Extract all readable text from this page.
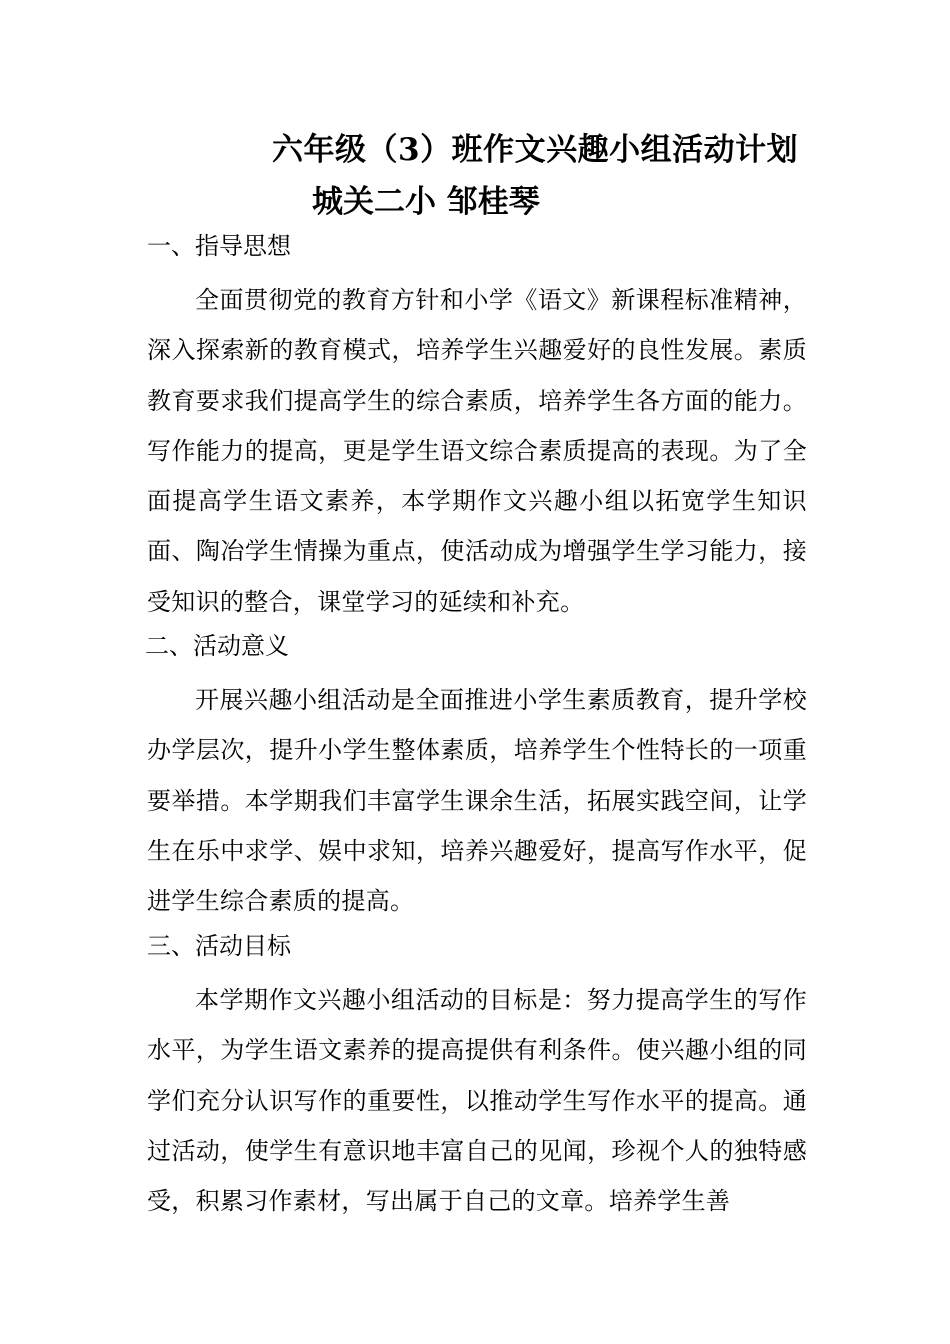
六年级（3）班作文兴趣小组活动计划
城关二小 邹桂琴
一、指导思想
全面贯彻党的教育方针和小学《语文》新课程标准精神，深入探索新的教育模式，培养学生兴趣爱好的良性发展。素质教育要求我们提高学生的综合素质，培养学生各方面的能力。写作能力的提高，更是学生语文综合素质提高的表现。为了全面提高学生语文素养，本学期作文兴趣小组以拓宽学生知识面、陶冶学生情操为重点，使活动成为增强学生学习能力，接受知识的整合，课堂学习的延续和补充。
二、活动意义
开展兴趣小组活动是全面推进小学生素质教育，提升学校办学层次，提升小学生整体素质，培养学生个性特长的一项重要举措。本学期我们丰富学生课余生活，拓展实践空间，让学生在乐中求学、娱中求知，培养兴趣爱好，提高写作水平，促进学生综合素质的提高。
三、活动目标
本学期作文兴趣小组活动的目标是：努力提高学生的写作水平，为学生语文素养的提高提供有利条件。使兴趣小组的同学们充分认识写作的重要性，以推动学生写作水平的提高。通过活动，使学生有意识地丰富自己的见闻，珍视个人的独特感受，积累习作素材，写出属于自己的文章。培养学生善
